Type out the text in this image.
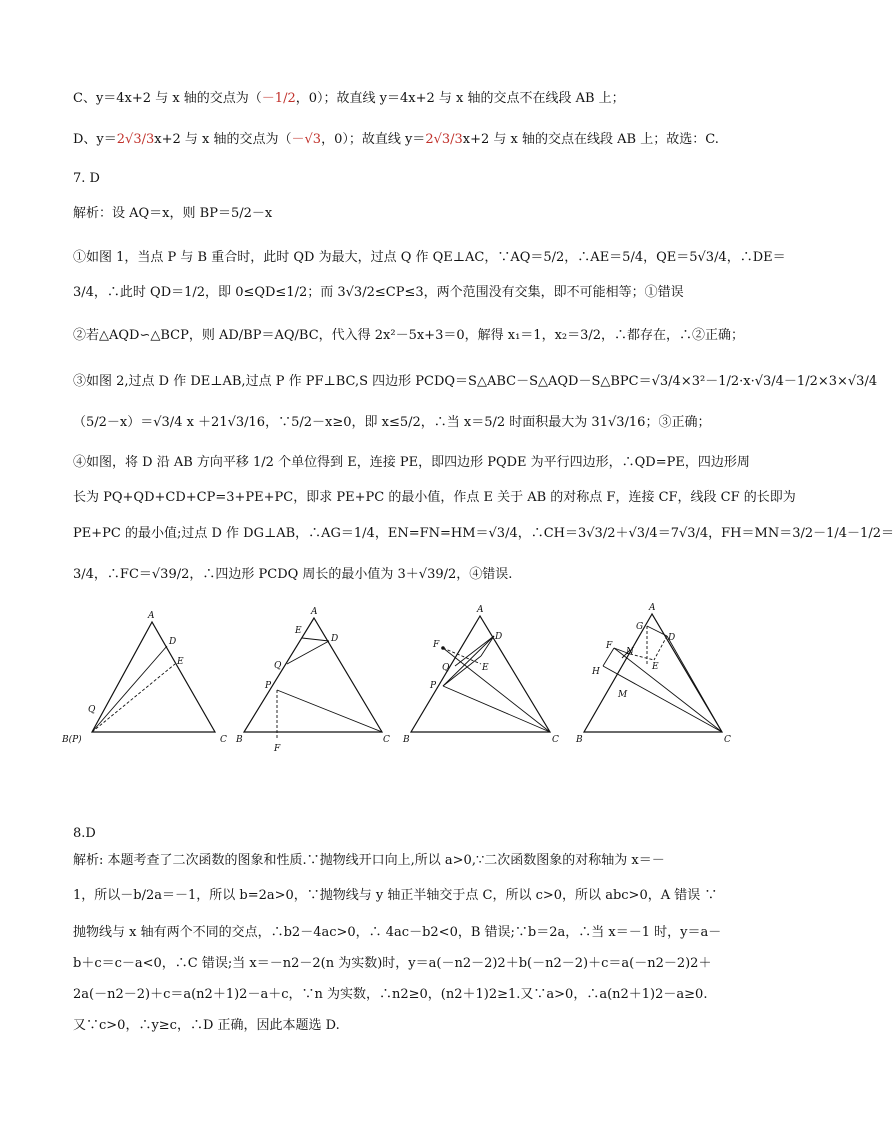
C、y＝4x+2 与 x 轴的交点为（－1/2，0）；故直线 y＝4x+2 与 x 轴的交点不在线段 AB 上；
D、y＝2√3/3x+2 与 x 轴的交点为（－√3，0）；故直线 y＝2√3/3x+2 与 x 轴的交点在线段 AB 上；故选：C.
7. D
解析：设 AQ＝x，则 BP＝5/2－x
①如图 1，当点 P 与 B 重合时，此时 QD 为最大，过点 Q 作 QE⊥AC，∵AQ＝5/2，∴AE＝5/4，QE＝5√3/4，∴DE＝
3/4，∴此时 QD＝1/2，即 0≤QD≤1/2；而 3√3/2≤CP≤3，两个范围没有交集，即不可能相等；①错误
②若△AQD∽△BCP，则 AD/BP＝AQ/BC，代入得 2x²－5x+3＝0，解得 x₁＝1，x₂＝3/2，∴都存在，∴②正确；
③如图 2,过点 D 作 DE⊥AB,过点 P 作 PF⊥BC,S 四边形 PCDQ＝S△ABC－S△AQD－S△BPC＝√3/4×3²－1/2·x·√3/4－1/2×3×√3/4
（5/2－x）＝√3/4 x ＋21√3/16，∵5/2－x≥0，即 x≤5/2，∴当 x＝5/2 时面积最大为 31√3/16；③正确；
④如图，将 D 沿 AB 方向平移 1/2 个单位得到 E，连接 PE，即四边形 PQDE 为平行四边形，∴QD=PE，四边形周
长为 PQ+QD+CD+CP=3+PE+PC，即求 PE+PC 的最小值，作点 E 关于 AB 的对称点 F，连接 CF，线段 CF 的长即为
PE+PC 的最小值;过点 D 作 DG⊥AB，∴AG＝1/4，EN=FN=HM＝√3/4，∴CH＝3√3/2＋√3/4＝7√3/4，FH＝MN＝3/2－1/4－1/2＝
3/4，∴FC＝√39/2，∴四边形 PCDQ 周长的最小值为 3＋√39/2，④错误.
A
D
E
Q
B(P)	C
A
E
D
Q
P
B
F
C
A
F
D
Q	E
P
B	C
A
G
D
F
N
E
H
M
B	C
8.D
解析: 本题考查了二次函数的图象和性质.∵抛物线开口向上,所以 a>0,∵二次函数图象的对称轴为 x＝－
1，所以－b/2a＝－1，所以 b=2a>0，∵抛物线与 y 轴正半轴交于点 C，所以 c>0，所以 abc>0，A 错误 ∵
抛物线与 x 轴有两个不同的交点，∴b2－4ac>0，∴ 4ac－b2<0，B 错误;∵b＝2a，∴当 x＝－1 时，y＝a－
b＋c＝c－a<0，∴C 错误;当 x＝－n2－2(n 为实数)时，y＝a(－n2－2)2＋b(－n2－2)＋c＝a(－n2－2)2＋
2a(－n2－2)＋c＝a(n2＋1)2－a＋c，∵n 为实数，∴n2≥0，(n2＋1)2≥1.又∵a>0，∴a(n2＋1)2－a≥0.
又∵c>0，∴y≥c，∴D 正确，因此本题选 D.
